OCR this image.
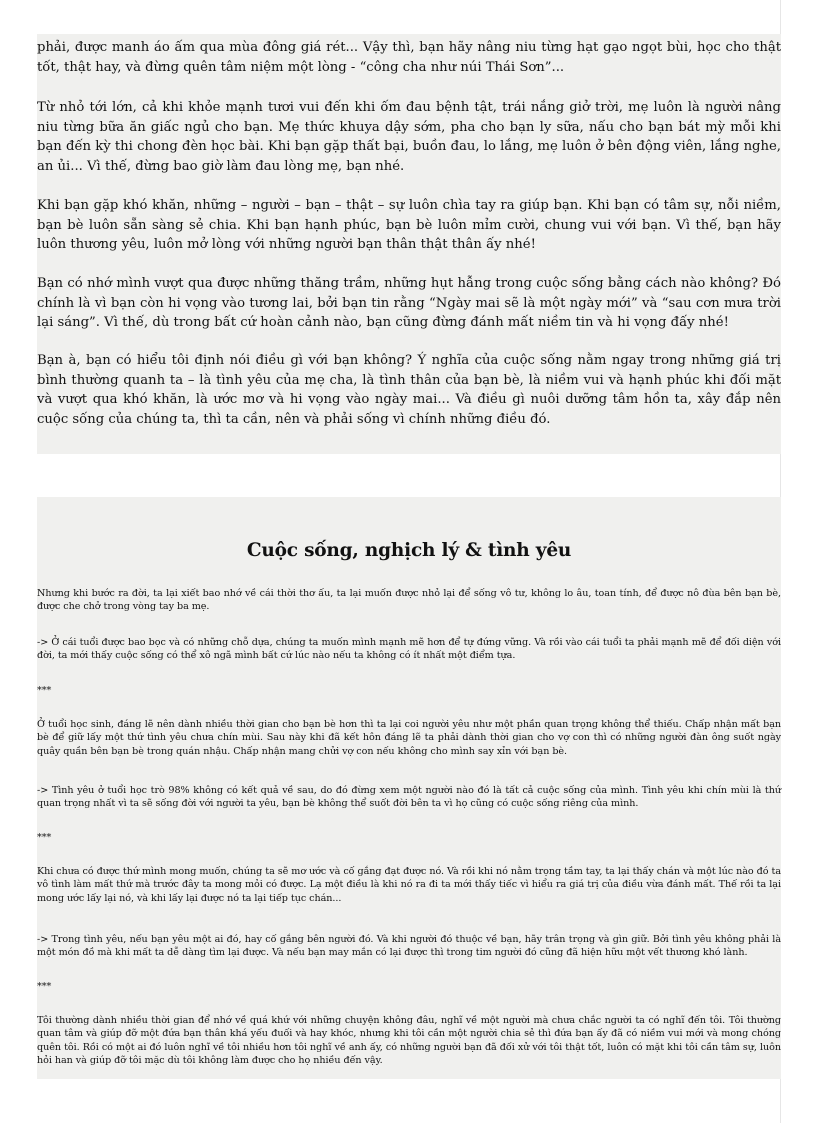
phải, được manh áo ấm qua mùa đông giá rét... Vậy thì, bạn hãy nâng niu từng hạt gạo ngọt bùi, học cho thật tốt, thật hay, và đừng quên tâm niệm một lòng - “công cha như núi Thái Sơn”...

Từ nhỏ tới lớn, cả khi khỏe mạnh tươi vui đến khi ốm đau bệnh tật, trái nắng giở trời, mẹ luôn là người nâng niu từng bữa ăn giấc ngủ cho bạn. Mẹ thức khuya dậy sớm, pha cho bạn ly sữa, nấu cho bạn bát mỳ mỗi khi bạn đến kỳ thi chong đèn học bài. Khi bạn gặp thất bại, buồn đau, lo lắng, mẹ luôn ở bên động viên, lắng nghe, an ủi... Vì thế, đừng bao giờ làm đau lòng mẹ, bạn nhé.

Khi bạn gặp khó khăn, những – người – bạn – thật – sự luôn chìa tay ra giúp bạn. Khi bạn có tâm sự, nỗi niềm, bạn bè luôn sẵn sàng sẻ chia. Khi bạn hạnh phúc, bạn bè luôn mỉm cười, chung vui với bạn. Vì thế, bạn hãy luôn thương yêu, luôn mở lòng với những người bạn thân thật thân ấy nhé!

Bạn có nhớ mình vượt qua được những thăng trầm, những hụt hẫng trong cuộc sống bằng cách nào không? Đó chính là vì bạn còn hi vọng vào tương lai, bởi bạn tin rằng “Ngày mai sẽ là một ngày mới” và “sau cơn mưa trời lại sáng”. Vì thế, dù trong bất cứ hoàn cảnh nào, bạn cũng đừng đánh mất niềm tin và hi vọng đấy nhé!

Bạn à, bạn có hiểu tôi định nói điều gì với bạn không? Ý nghĩa của cuộc sống nằm ngay trong những giá trị bình thường quanh ta – là tình yêu của mẹ cha, là tình thân của bạn bè, là niềm vui và hạnh phúc khi đối mặt và vượt qua khó khăn, là ước mơ và hi vọng vào ngày mai... Và điều gì nuôi dưỡng tâm hồn ta, xây đắp nên cuộc sống của chúng ta, thì ta cần, nên và phải sống vì chính những điều đó.

Cuộc sống, nghịch lý & tình yêu

Nhưng khi bước ra đời, ta lại xiết bao nhớ về cái thời thơ ấu, ta lại muốn được nhỏ lại để sống vô tư, không lo âu, toan tính, để được nô đùa bên bạn bè, được che chở trong vòng tay ba mẹ.

-> Ở cái tuổi được bao bọc và có những chỗ dựa, chúng ta muốn mình mạnh mẽ hơn để tự đứng vững. Và rồi vào cái tuổi ta phải mạnh mẽ để đối diện với đời, ta mới thấy cuộc sống có thể xô ngã mình bất cứ lúc nào nếu ta không có ít nhất một điểm tựa.

***

Ở tuổi học sinh, đáng lẽ nên dành nhiều thời gian cho bạn bè hơn thì ta lại coi người yêu như một phần quan trọng không thể thiếu. Chấp nhận mất bạn bè để giữ lấy một thứ tình yêu chưa chín mùi. Sau này khi đã kết hôn đáng lẽ ta phải dành thời gian cho vợ con thì có những người đàn ông suốt ngày quây quần bên bạn bè trong quán nhậu. Chấp nhận mang chửi vợ con nếu không cho mình say xỉn với bạn bè.

-> Tình yêu ở tuổi học trò 98% không có kết quả về sau, do đó đừng xem một người nào đó là tất cả cuộc sống của mình. Tình yêu khi chín mùi là thứ quan trọng nhất vì ta sẽ sống đời với người ta yêu, bạn bè không thể suốt đời bên ta vì họ cũng có cuộc sống riêng của mình.

***

Khi chưa có được thứ mình mong muốn, chúng ta sẽ mơ ước và cố gắng đạt được nó. Và rồi khi nó nằm trọng tầm tay, ta lại thấy chán và một lúc nào đó ta vô tình làm mất thứ mà trước đây ta mong mỏi có được. Lạ một điều là khi nó ra đi ta mới thấy tiếc vì hiểu ra giá trị của điều vừa đánh mất. Thế rồi ta lại mong ước lấy lại nó, và khi lấy lại được nó ta lại tiếp tục chán...

-> Trong tình yêu, nếu bạn yêu một ai đó, hay cố gắng bên người đó. Và khi người đó thuộc về bạn, hãy trân trọng và gìn giữ. Bởi tình yêu không phải là một món đồ mà khi mất ta dễ dàng tìm lại được. Và nếu bạn may mắn có lại được thì trong tim người đó cũng đã hiện hữu một vết thương khó lành.

***

Tôi thường dành nhiều thời gian để nhớ về quá khứ với những chuyện không đâu, nghĩ về một người mà chưa chắc người ta có nghĩ đến tôi. Tôi thường quan tâm và giúp đỡ một đứa bạn thân khá yếu đuối và hay khóc, nhưng khi tôi cần một người chia sẻ thì đứa bạn ấy đã có niềm vui mới và mong chóng quên tôi. Rồi có một ai đó luôn nghĩ về tôi nhiều hơn tôi nghĩ về anh ấy, có những người bạn đã đối xử với tôi thật tốt, luôn có mặt khi tôi cần tâm sự, luôn hỏi han và giúp đỡ tôi mặc dù tôi không làm được cho họ nhiều đến vậy.
